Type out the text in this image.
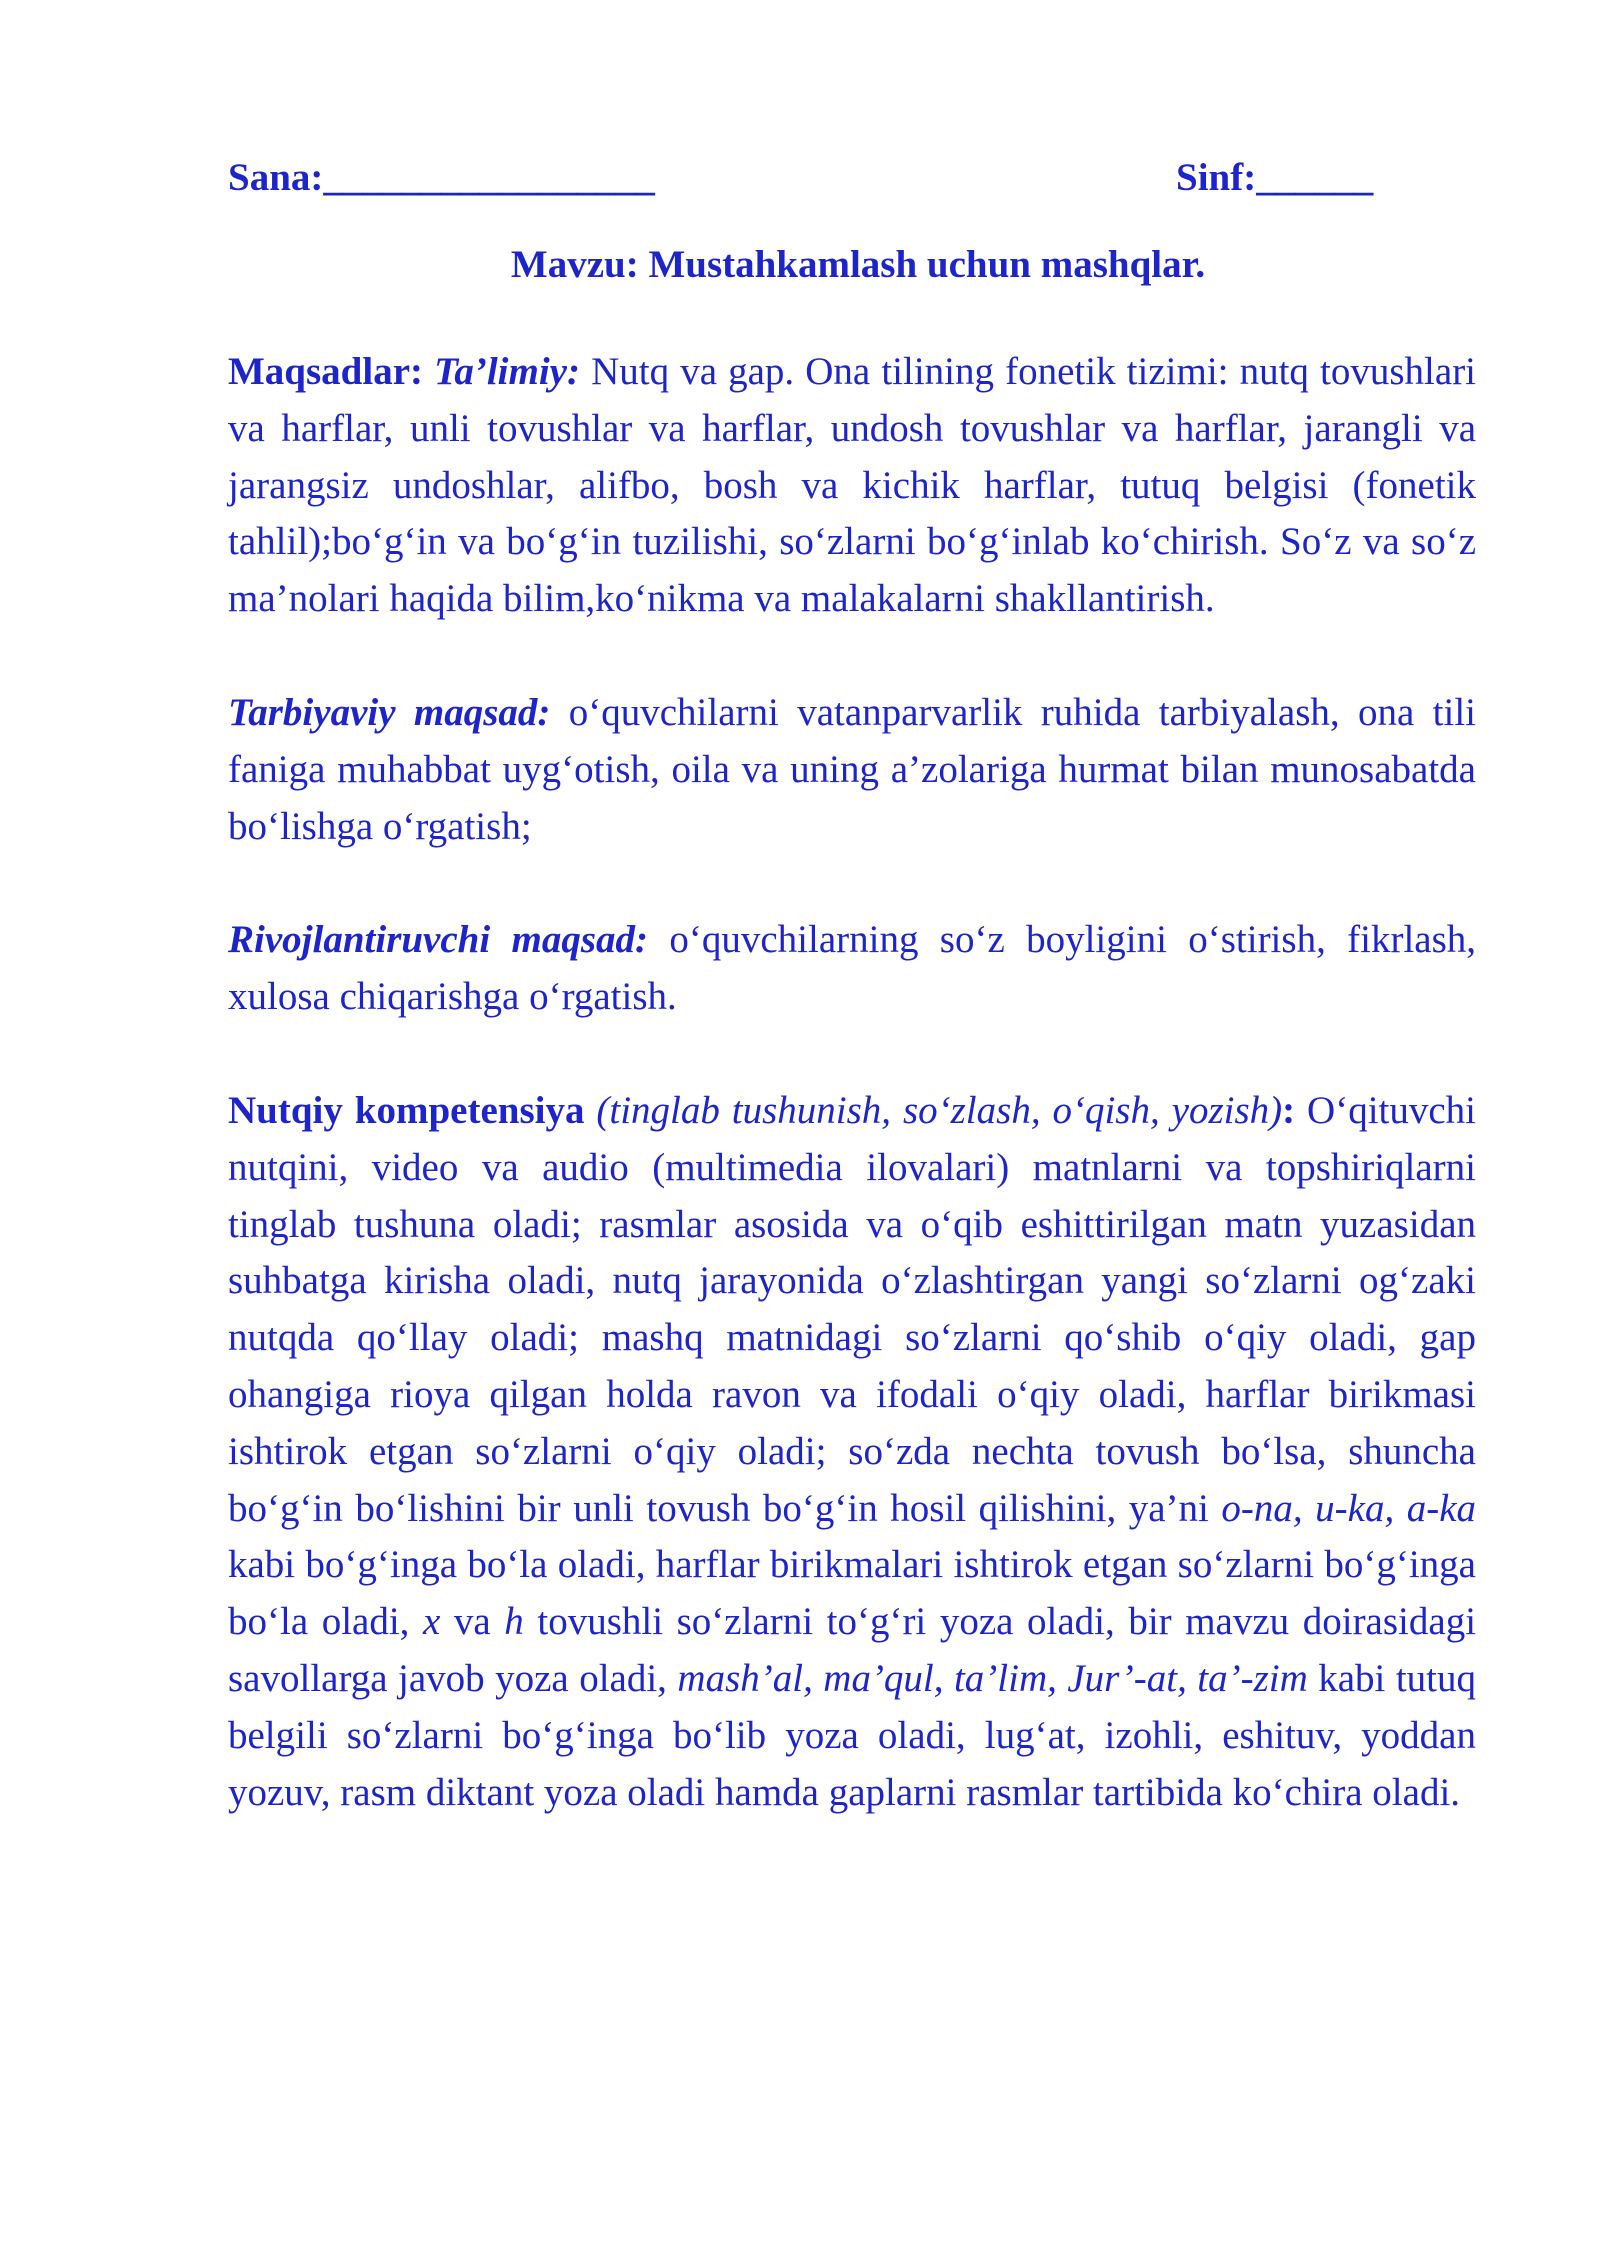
Sana:_________________	Sinf:______
Mavzu: Mustahkamlash uchun mashqlar.

Maqsadlar: Ta’limiy: Nutq va gap. Ona tilining fonetik tizimi: nutq tovushlari va harflar, unli tovushlar va harflar, undosh tovushlar va harflar, jarangli va jarangsiz undoshlar, alifbo, bosh va kichik harflar, tutuq belgisi (fonetik tahlil);bo‘g‘in va bo‘g‘in tuzilishi, so‘zlarni bo‘g‘inlab ko‘chirish. So‘z va so‘z ma’nolari haqida bilim,ko‘nikma va malakalarni shakllantirish.

Tarbiyaviy maqsad: o‘quvchilarni vatanparvarlik ruhida tarbiyalash, ona tili faniga muhabbat uyg‘otish, oila va uning a’zolariga hurmat bilan munosabatda bo‘lishga o‘rgatish;

Rivojlantiruvchi maqsad: o‘quvchilarning so‘z boyligini o‘stirish, fikrlash, xulosa chiqarishga o‘rgatish.

Nutqiy kompetensiya (tinglab tushunish, so‘zlash, o‘qish, yozish): O‘qituvchi nutqini, video va audio (multimedia ilovalari) matnlarni va topshiriqlarni tinglab tushuna oladi; rasmlar asosida va o‘qib eshittirilgan matn yuzasidan suhbatga kirisha oladi, nutq jarayonida o‘zlashtirgan yangi so‘zlarni og‘zaki nutqda qo‘llay oladi; mashq matnidagi so‘zlarni qo‘shib o‘qiy oladi, gap ohangiga rioya qilgan holda ravon va ifodali o‘qiy oladi, harflar birikmasi ishtirok etgan so‘zlarni o‘qiy oladi; so‘zda nechta tovush bo‘lsa, shuncha bo‘g‘in bo‘lishini bir unli tovush bo‘g‘in hosil qilishini, ya’ni o-na, u-ka, a-ka kabi bo‘g‘inga bo‘la oladi, harflar birikmalari ishtirok etgan so‘zlarni bo‘g‘inga bo‘la oladi, x va h tovushli so‘zlarni to‘g‘ri yoza oladi, bir mavzu doirasidagi savollarga javob yoza oladi, mash’al, ma’qul, ta’lim, Jur’-at, ta’-zim kabi tutuq belgili so‘zlarni bo‘g‘inga bo‘lib yoza oladi, lug‘at, izohli, eshituv, yoddan yozuv, rasm diktant yoza oladi hamda gaplarni rasmlar tartibida ko‘chira oladi.
